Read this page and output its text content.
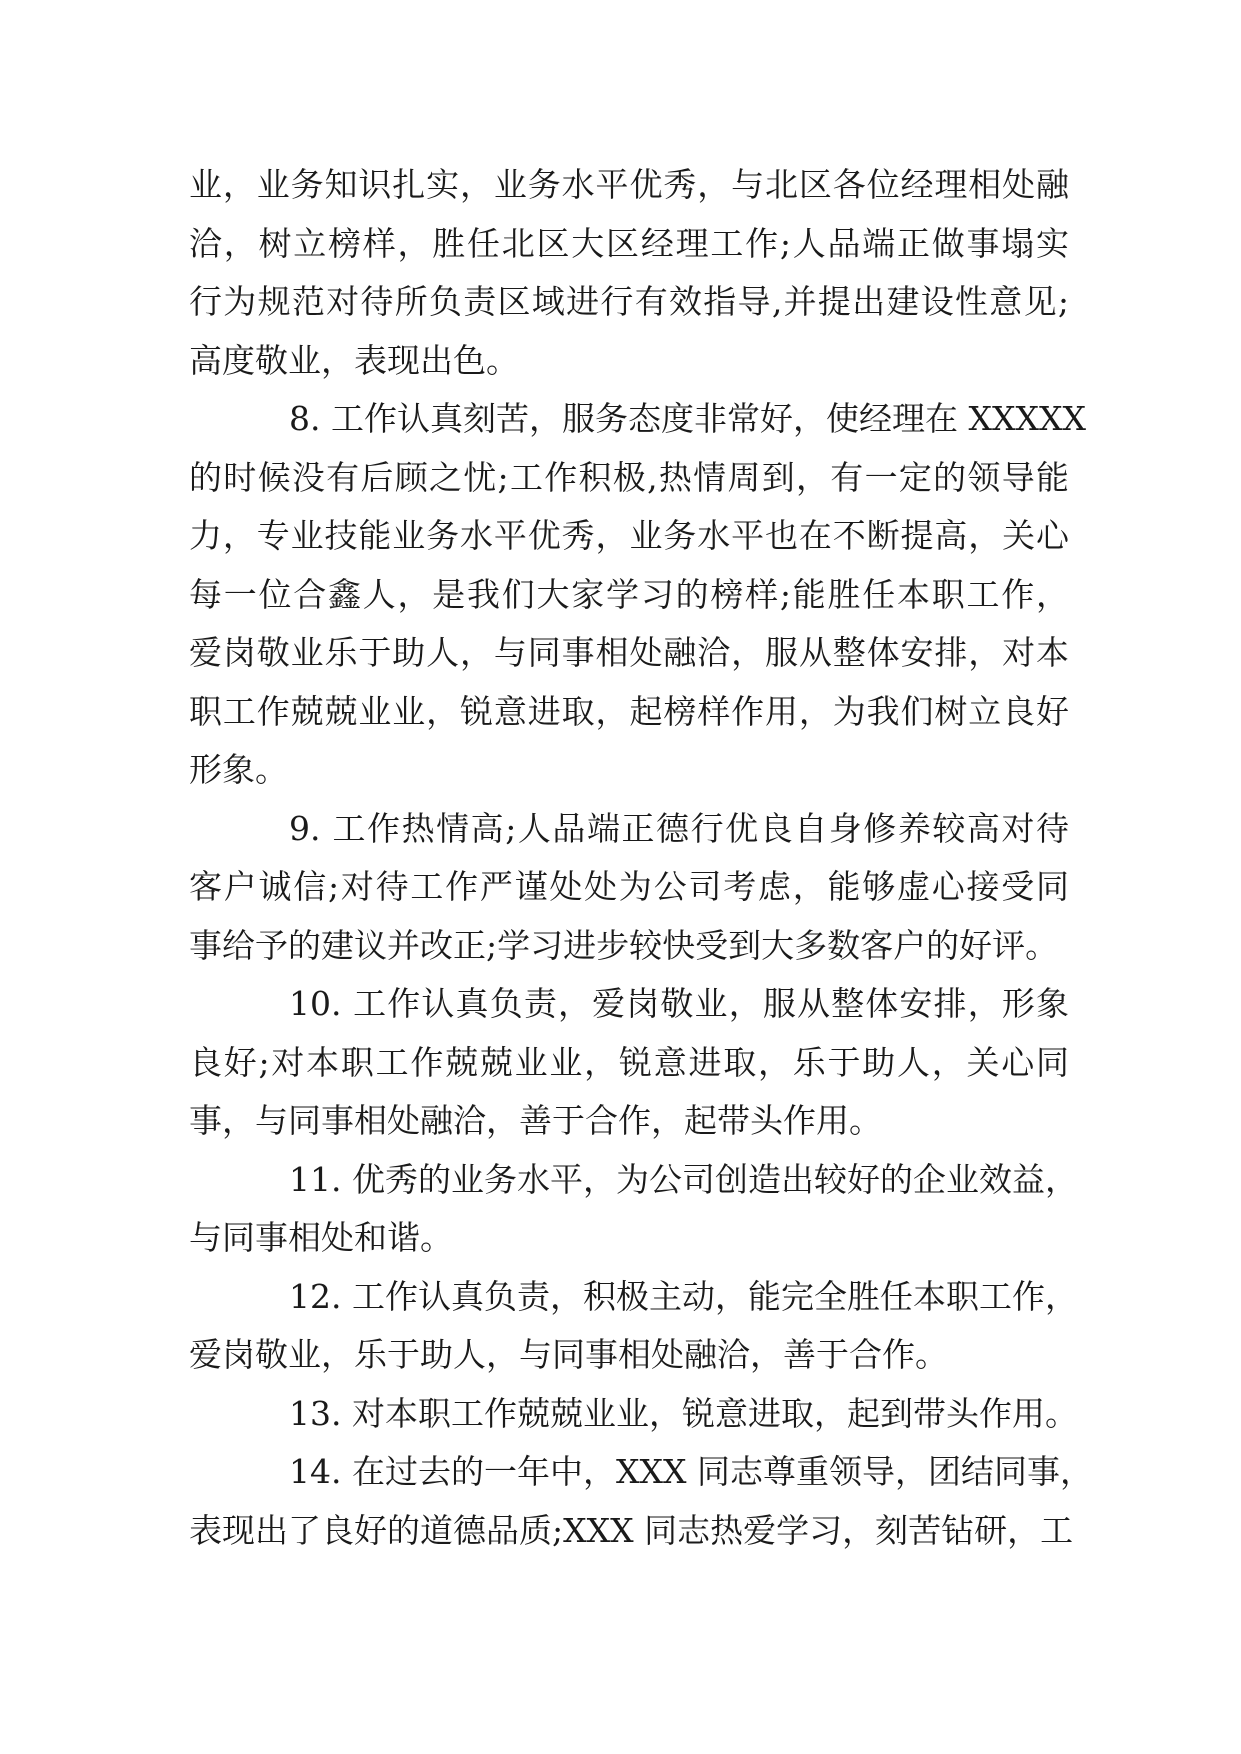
业，业务知识扎实，业务水平优秀，与北区各位经理相处融
洽，树立榜样，胜任北区大区经理工作;人品端正做事塌实
行为规范对待所负责区域进行有效指导,并提出建设性意见;
高度敬业，表现出色。
8. 工作认真刻苦，服务态度非常好，使经理在 XXXXX
的时候没有后顾之忧;工作积极,热情周到，有一定的领导能
力，专业技能业务水平优秀，业务水平也在不断提高，关心
每一位合鑫人，是我们大家学习的榜样;能胜任本职工作，
爱岗敬业乐于助人，与同事相处融洽，服从整体安排，对本
职工作兢兢业业，锐意进取，起榜样作用，为我们树立良好
形象。
9. 工作热情高;人品端正德行优良自身修养较高对待
客户诚信;对待工作严谨处处为公司考虑，能够虚心接受同
事给予的建议并改正;学习进步较快受到大多数客户的好评。
10. 工作认真负责，爱岗敬业，服从整体安排，形象
良好;对本职工作兢兢业业，锐意进取，乐于助人，关心同
事，与同事相处融洽，善于合作，起带头作用。
11. 优秀的业务水平，为公司创造出较好的企业效益，
与同事相处和谐。
12. 工作认真负责，积极主动，能完全胜任本职工作，
爱岗敬业，乐于助人，与同事相处融洽，善于合作。
13. 对本职工作兢兢业业，锐意进取，起到带头作用。
14. 在过去的一年中，XXX 同志尊重领导，团结同事，
表现出了良好的道德品质;XXX 同志热爱学习，刻苦钻研，工
